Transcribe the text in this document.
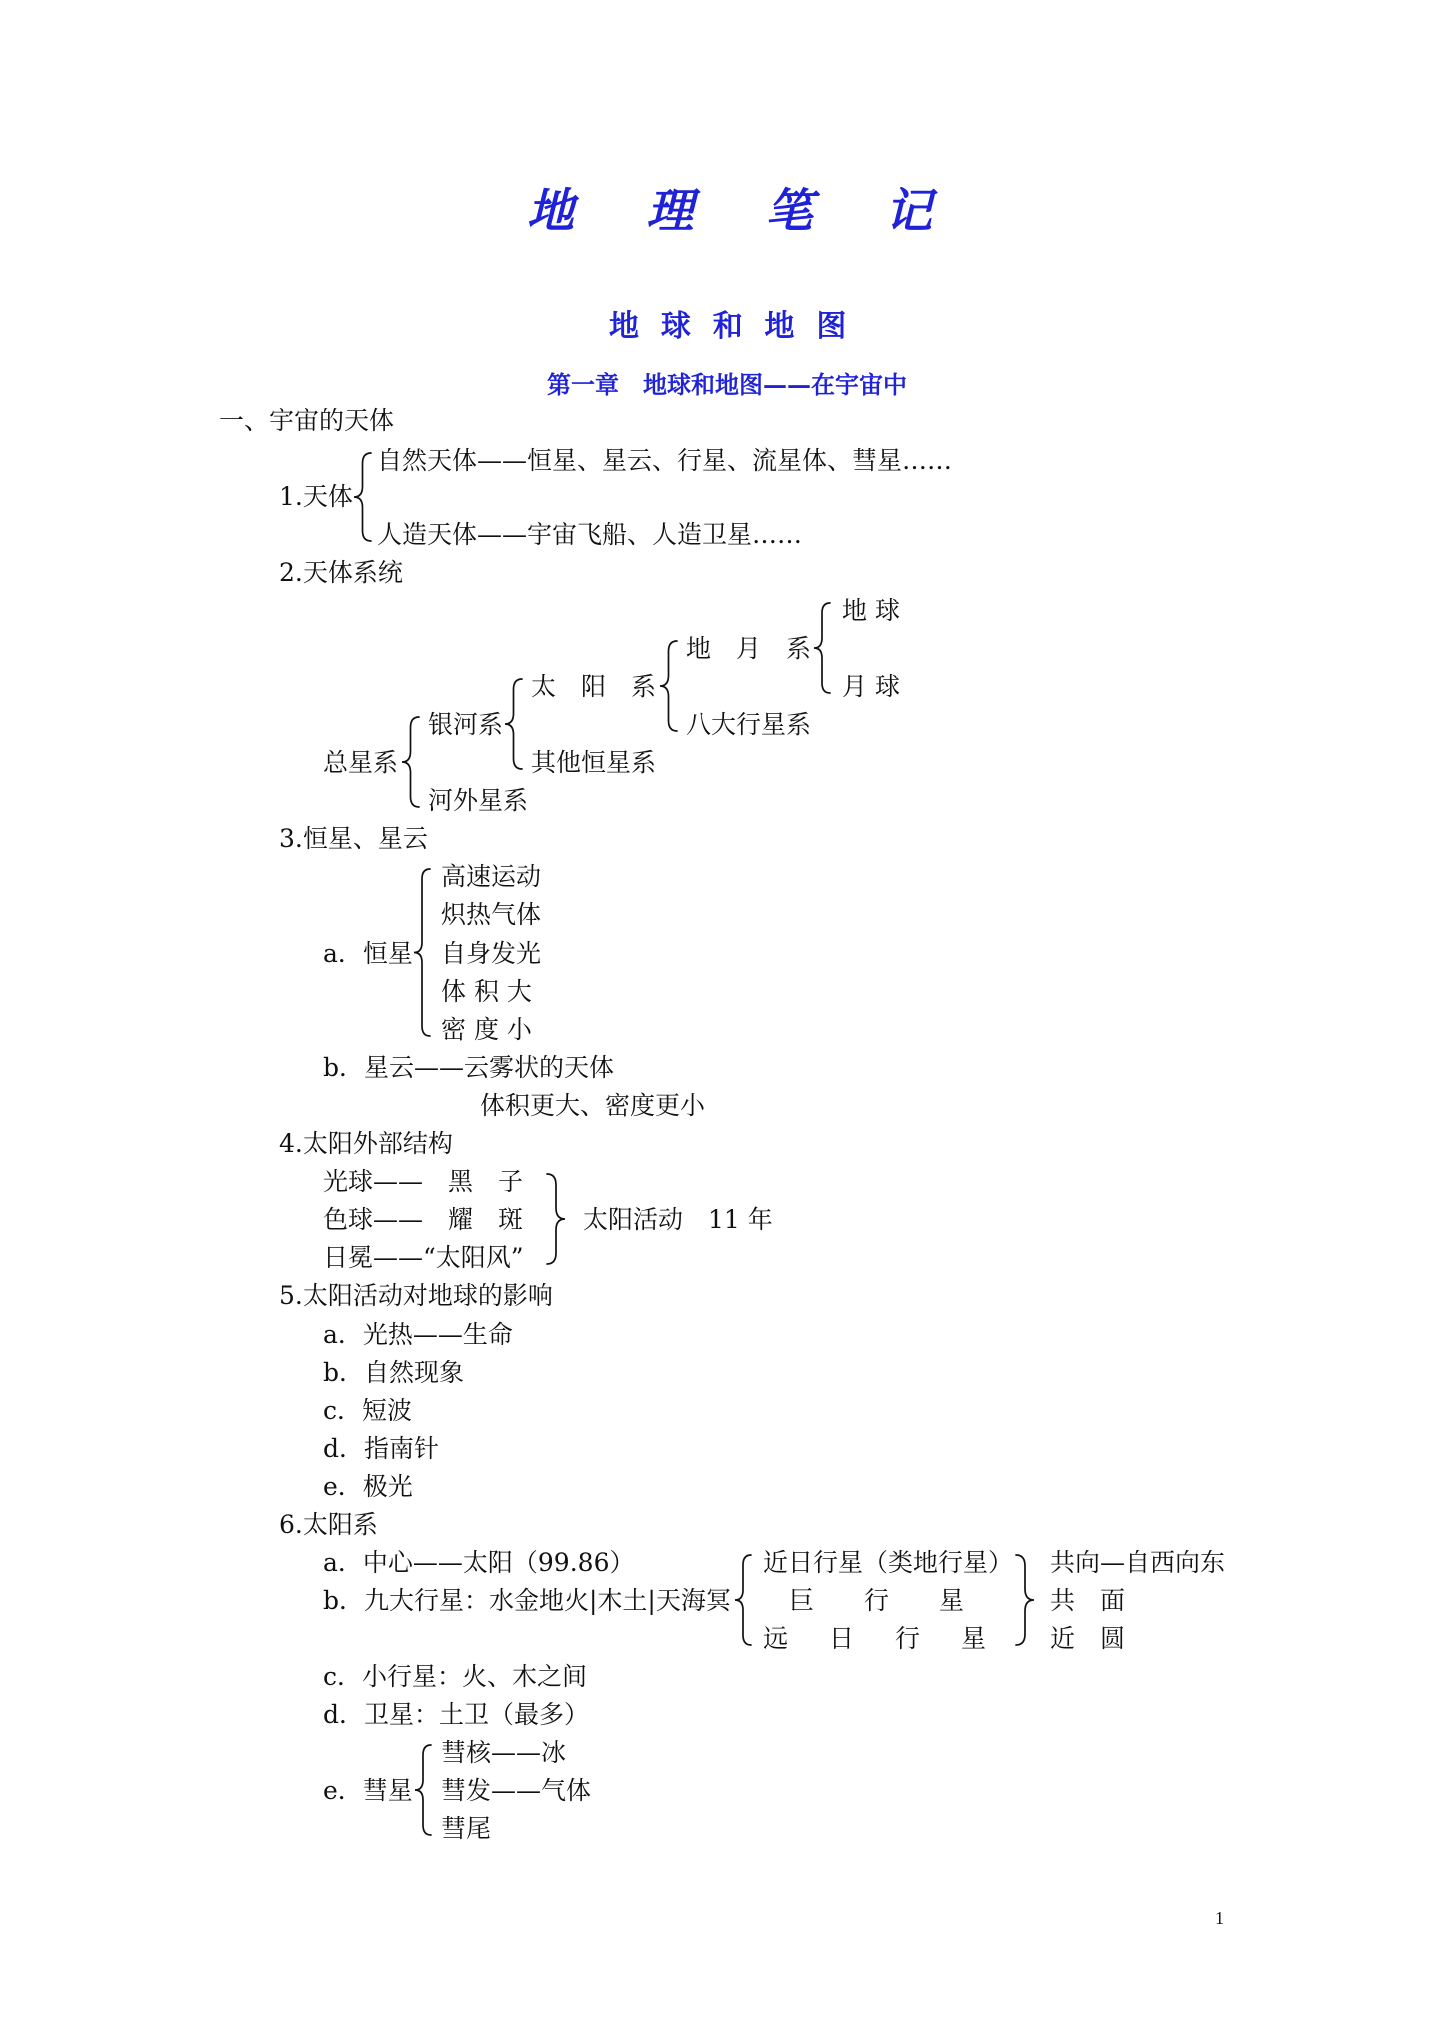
地 理 笔 记
地 球 和 地 图
第一章　地球和地图——在宇宙中
一、宇宙的天体
自然天体——恒星、星云、行星、流星体、彗星……
1.天体
人造天体——宇宙飞船、人造卫星……
2.天体系统
地 球
地　月　系
太　阳　系	月 球
银河系	八大行星系
总星系	其他恒星系
河外星系
3.恒星、星云
高速运动
炽热气体
a．恒星 自身发光
体 积 大
密 度 小
b．星云——云雾状的天体
体积更大、密度更小
4.太阳外部结构
光球——　黑　子
色球——　耀　斑 太阳活动　11 年
日冕——“太阳风”
5.太阳活动对地球的影响
a．光热——生命
b．自然现象
c．短波
d．指南针
e．极光
6.太阳系
a．中心——太阳（99.86）	近日行星（类地行星） 共向—自西向东
b．九大行星：水金地火|木土|天海冥 巨　　行　　星	共　面
远　　日　　行　　星	近　圆
c．小行星：火、木之间
d．卫星：土卫（最多）
彗核——冰
e．彗星 彗发——气体
彗尾
1
